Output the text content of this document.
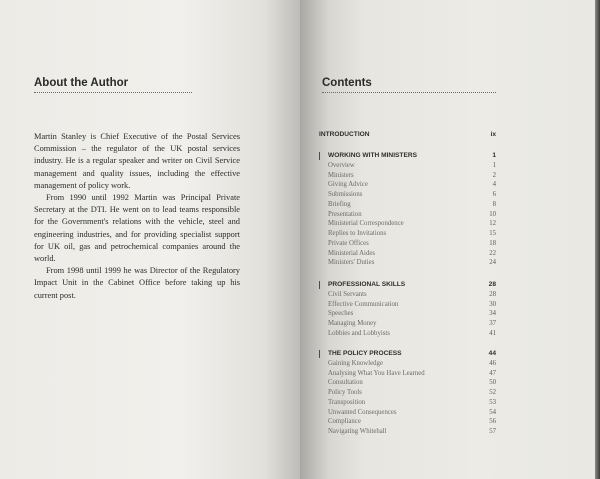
About the Author

Martin Stanley is Chief Executive of the Postal Services Commission – the regulator of the UK postal services industry. He is a regular speaker and writer on Civil Service management and quality issues, including the effective management of policy work.

From 1990 until 1992 Martin was Principal Private Secretary at the DTI. He went on to lead teams responsible for the Government's relations with the vehicle, steel and engineering industries, and for providing specialist support for UK oil, gas and petrochemical companies around the world.

From 1998 until 1999 he was Director of the Regulatory Impact Unit in the Cabinet Office before taking up his current post.

Contents
INTRODUCTION	ix
WORKING WITH MINISTERS	1
Overview	1
Ministers	2
Giving Advice	4
Submissions	6
Briefing	8
Presentation	10
Ministerial Correspondence	12
Replies to Invitations	15
Private Offices	18
Ministerial Aides	22
Ministers' Duties	24
PROFESSIONAL SKILLS	28
Civil Servants	28
Effective Communication	30
Speeches	34
Managing Money	37
Lobbies and Lobbyists	41
THE POLICY PROCESS	44
Gaining Knowledge	46
Analysing What You Have Learned	47
Consultation	50
Policy Tools	52
Transposition	53
Unwanted Consequences	54
Compliance	56
Navigating Whitehall	57
